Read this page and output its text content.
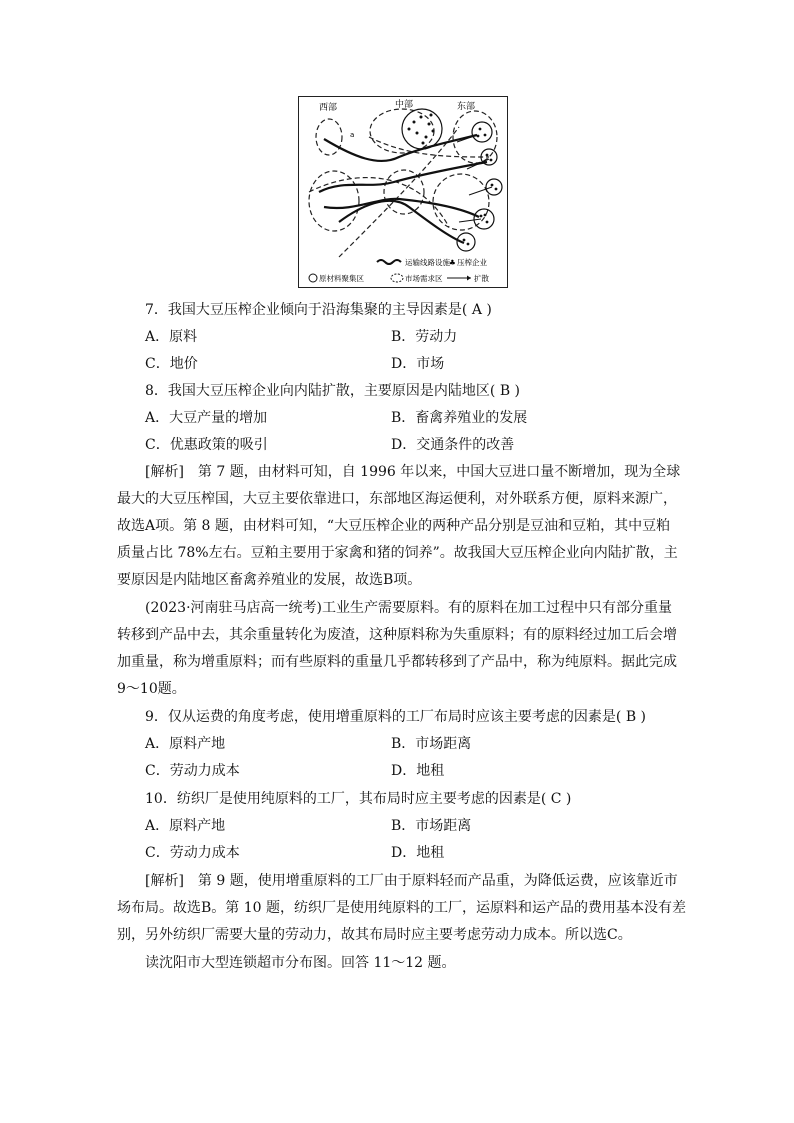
西部	中部	东部
a
运输线路设施 ♣ 压榨企业
原材料聚集区	市场需求区	扩散
7．我国大豆压榨企业倾向于沿海集聚的主导因素是( A )
A．原料	B．劳动力
C．地价	D．市场
8．我国大豆压榨企业向内陆扩散，主要原因是内陆地区( B )
A．大豆产量的增加	B．畜禽养殖业的发展
C．优惠政策的吸引	D．交通条件的改善
[解析]　第 7 题，由材料可知，自 1996 年以来，中国大豆进口量不断增加，现为全球
最大的大豆压榨国，大豆主要依靠进口，东部地区海运便利，对外联系方便，原料来源广，
故选A项。第 8 题，由材料可知，“大豆压榨企业的两种产品分别是豆油和豆粕，其中豆粕
质量占比 78%左右。豆粕主要用于家禽和猪的饲养”。故我国大豆压榨企业向内陆扩散，主
要原因是内陆地区畜禽养殖业的发展，故选B项。
(2023·河南驻马店高一统考)工业生产需要原料。有的原料在加工过程中只有部分重量
转移到产品中去，其余重量转化为废渣，这种原料称为失重原料；有的原料经过加工后会增
加重量，称为增重原料；而有些原料的重量几乎都转移到了产品中，称为纯原料。据此完成
9～10题。
9．仅从运费的角度考虑，使用增重原料的工厂布局时应该主要考虑的因素是( B )
A．原料产地	B．市场距离
C．劳动力成本	D．地租
10．纺织厂是使用纯原料的工厂，其布局时应主要考虑的因素是( C )
A．原料产地	B．市场距离
C．劳动力成本	D．地租
[解析]　第 9 题，使用增重原料的工厂由于原料轻而产品重，为降低运费，应该靠近市
场布局。故选B。第 10 题，纺织厂是使用纯原料的工厂，运原料和运产品的费用基本没有差
别，另外纺织厂需要大量的劳动力，故其布局时应主要考虑劳动力成本。所以选C。
读沈阳市大型连锁超市分布图。回答 11～12 题。
